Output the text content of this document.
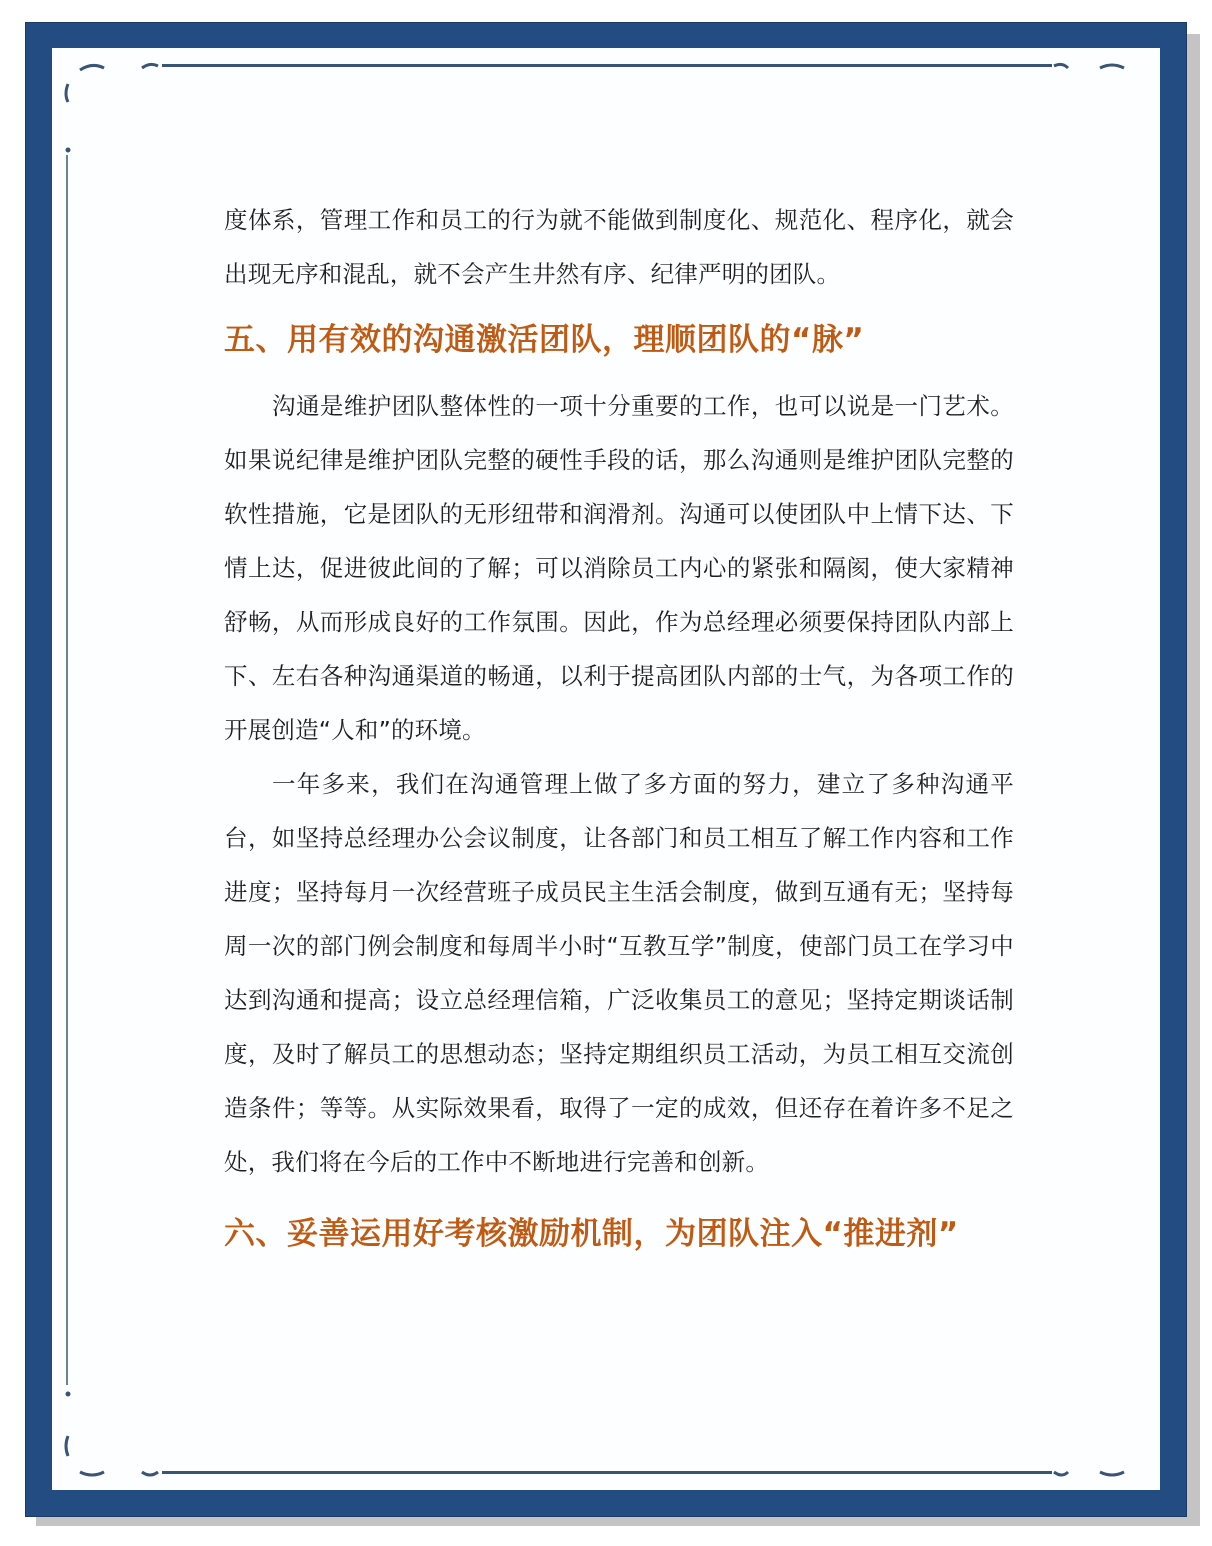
度体系，管理工作和员工的行为就不能做到制度化、规范化、程序化，就会出现无序和混乱，就不会产生井然有序、纪律严明的团队。

五、用有效的沟通激活团队，理顺团队的“脉”

沟通是维护团队整体性的一项十分重要的工作，也可以说是一门艺术。如果说纪律是维护团队完整的硬性手段的话，那么沟通则是维护团队完整的软性措施，它是团队的无形纽带和润滑剂。沟通可以使团队中上情下达、下情上达，促进彼此间的了解；可以消除员工内心的紧张和隔阂，使大家精神舒畅，从而形成良好的工作氛围。因此，作为总经理必须要保持团队内部上下、左右各种沟通渠道的畅通，以利于提高团队内部的士气，为各项工作的开展创造“人和”的环境。

一年多来，我们在沟通管理上做了多方面的努力，建立了多种沟通平台，如坚持总经理办公会议制度，让各部门和员工相互了解工作内容和工作进度；坚持每月一次经营班子成员民主生活会制度，做到互通有无；坚持每周一次的部门例会制度和每周半小时“互教互学”制度，使部门员工在学习中达到沟通和提高；设立总经理信箱，广泛收集员工的意见；坚持定期谈话制度，及时了解员工的思想动态；坚持定期组织员工活动，为员工相互交流创造条件；等等。从实际效果看，取得了一定的成效，但还存在着许多不足之处，我们将在今后的工作中不断地进行完善和创新。

六、妥善运用好考核激励机制，为团队注入“推进剂”
